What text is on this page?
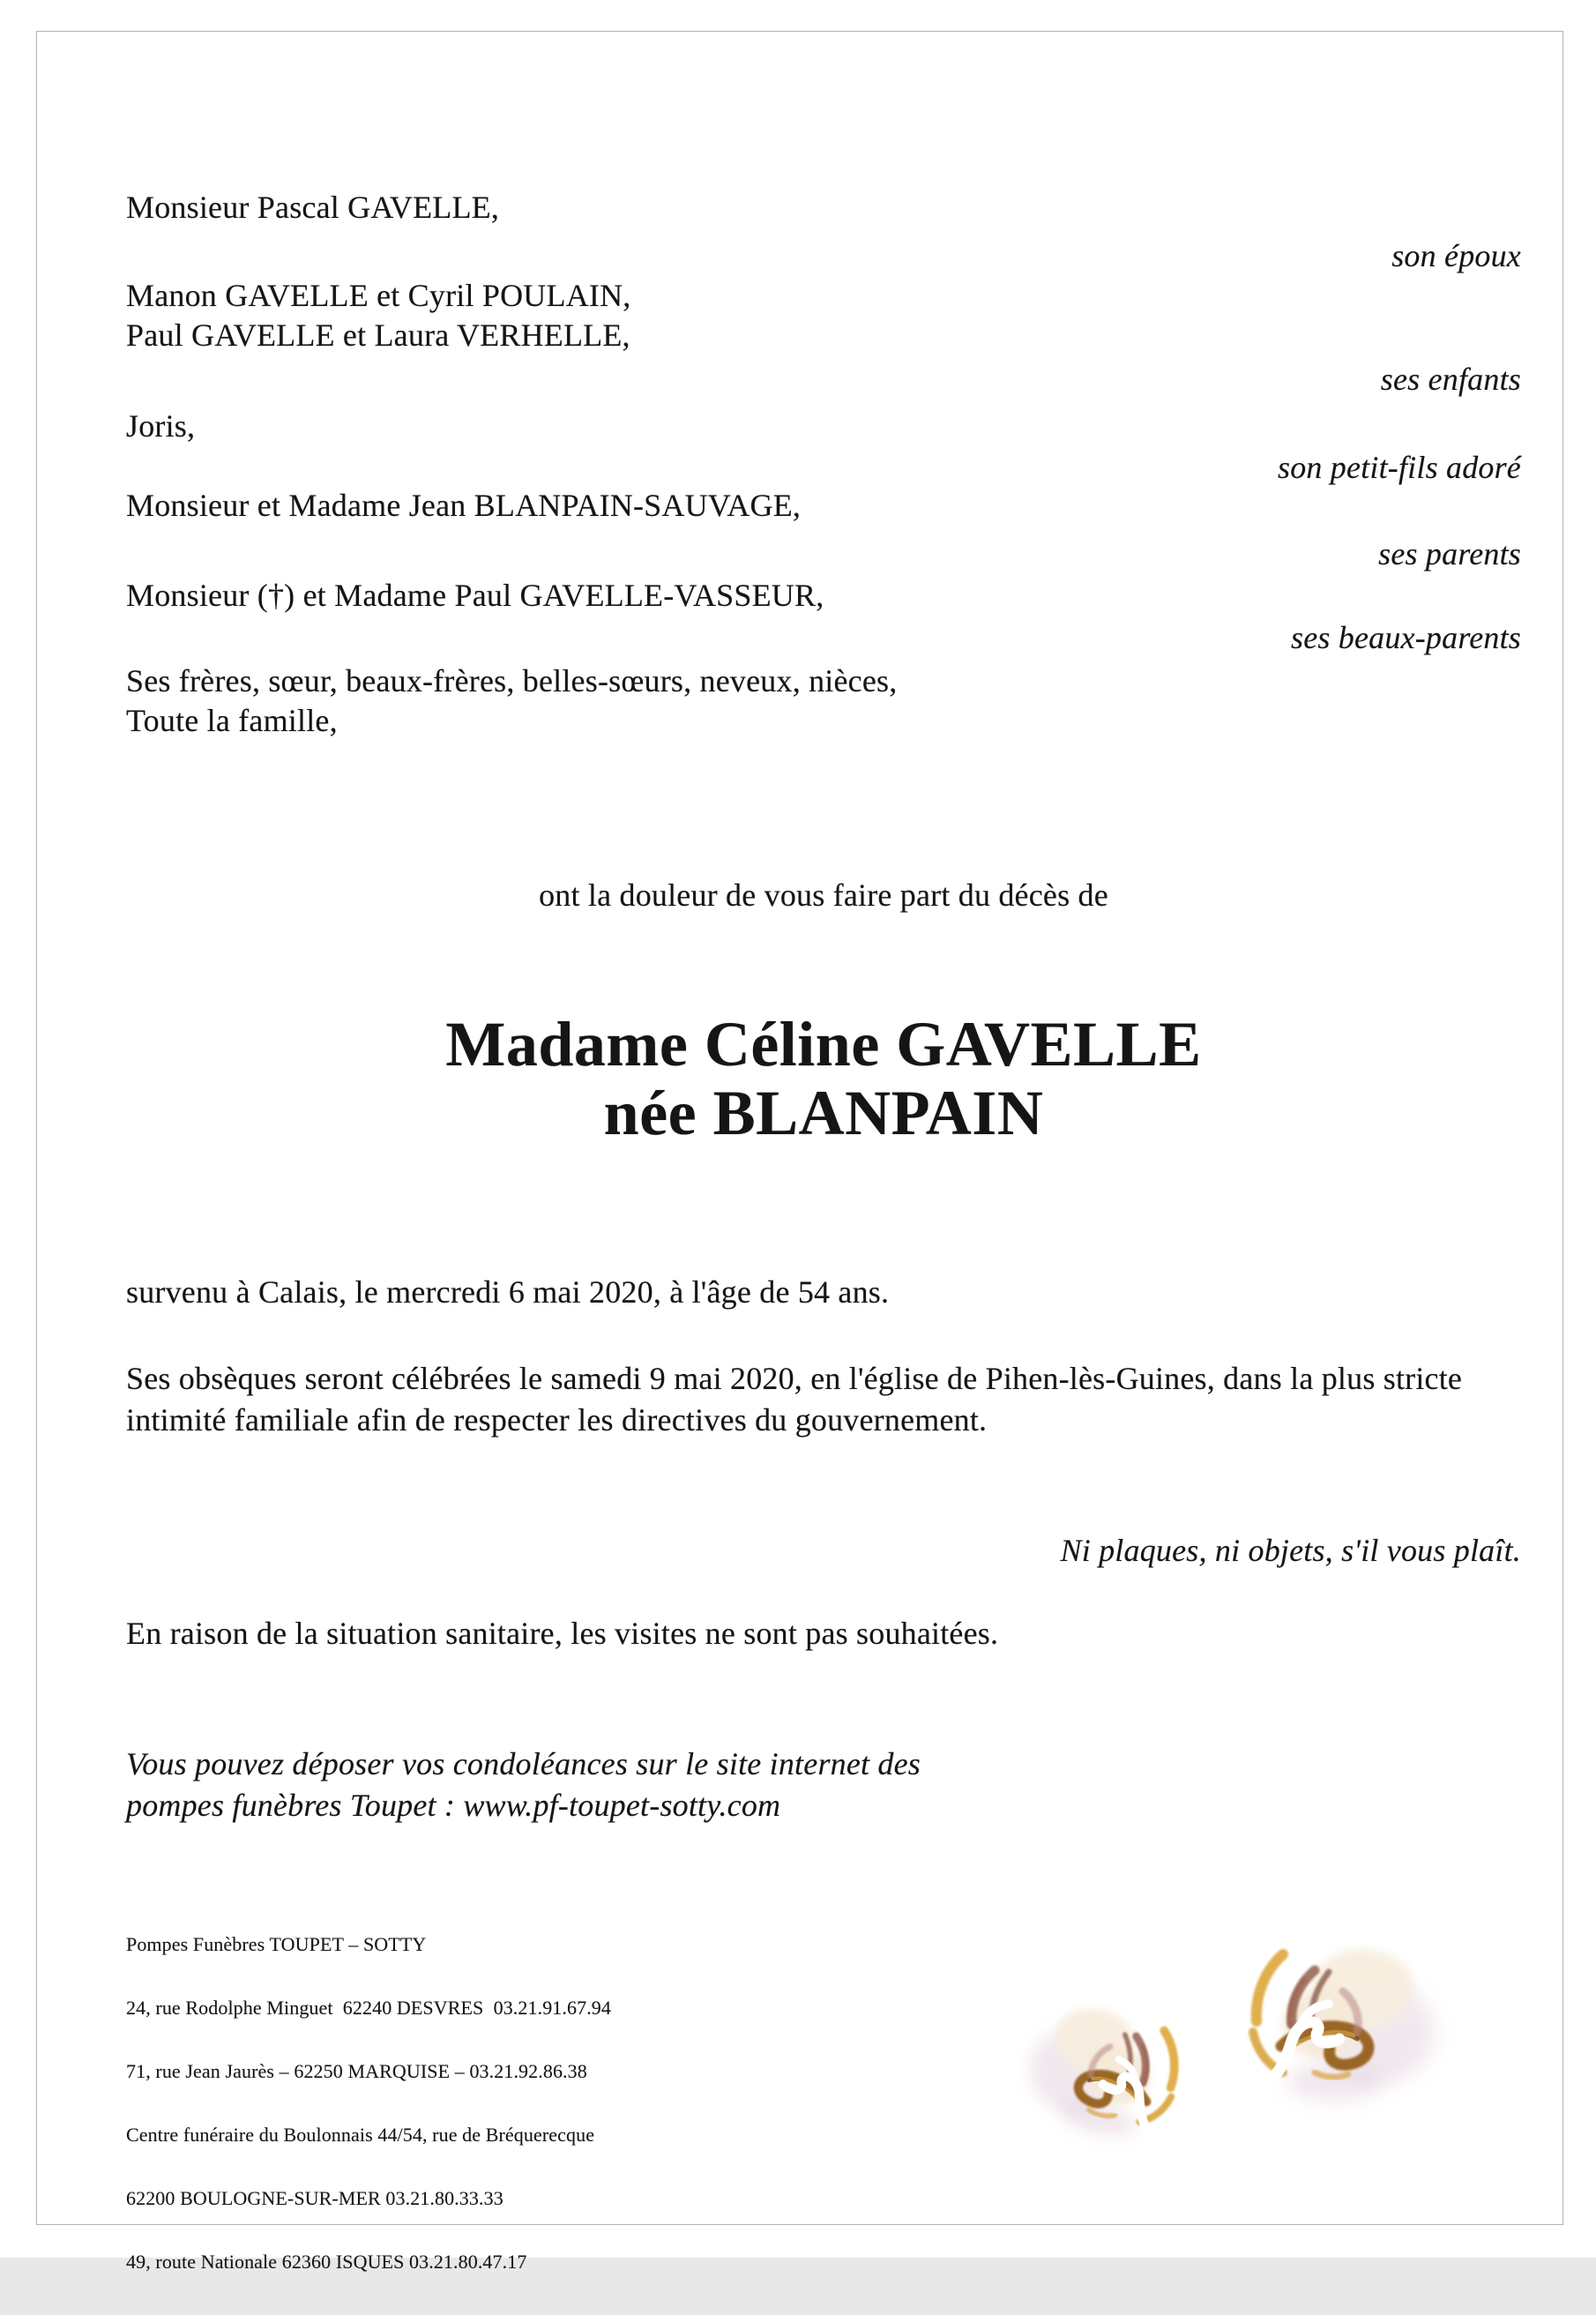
Monsieur Pascal GAVELLE,
son époux
Manon GAVELLE et Cyril POULAIN,
Paul GAVELLE et Laura VERHELLE,
ses enfants
Joris,
son petit-fils adoré
Monsieur et Madame Jean BLANPAIN-SAUVAGE,
ses parents
Monsieur (†) et Madame Paul GAVELLE-VASSEUR,
ses beaux-parents
Ses frères, sœur, beaux-frères, belles-sœurs, neveux, nièces,
Toute la famille,
ont la douleur de vous faire part du décès de
Madame Céline GAVELLE
née BLANPAIN
survenu à Calais, le mercredi 6 mai 2020, à l'âge de 54 ans.
Ses obsèques seront célébrées le samedi 9 mai 2020, en l'église de Pihen-lès-Guines, dans la plus stricte intimité familiale afin de respecter les directives du gouvernement.
Ni plaques, ni objets, s'il vous plaît.
En raison de la situation sanitaire, les visites ne sont pas souhaitées.
Vous pouvez déposer vos condoléances sur le site internet des
pompes funèbres Toupet : www.pf-toupet-sotty.com

Pompes Funèbres TOUPET – SOTTY

24, rue Rodolphe Minguet  62240 DESVRES  03.21.91.67.94

71, rue Jean Jaurès – 62250 MARQUISE – 03.21.92.86.38

Centre funéraire du Boulonnais 44/54, rue de Bréquerecque

62200 BOULOGNE-SUR-MER 03.21.80.33.33

49, route Nationale 62360 ISQUES 03.21.80.47.17
